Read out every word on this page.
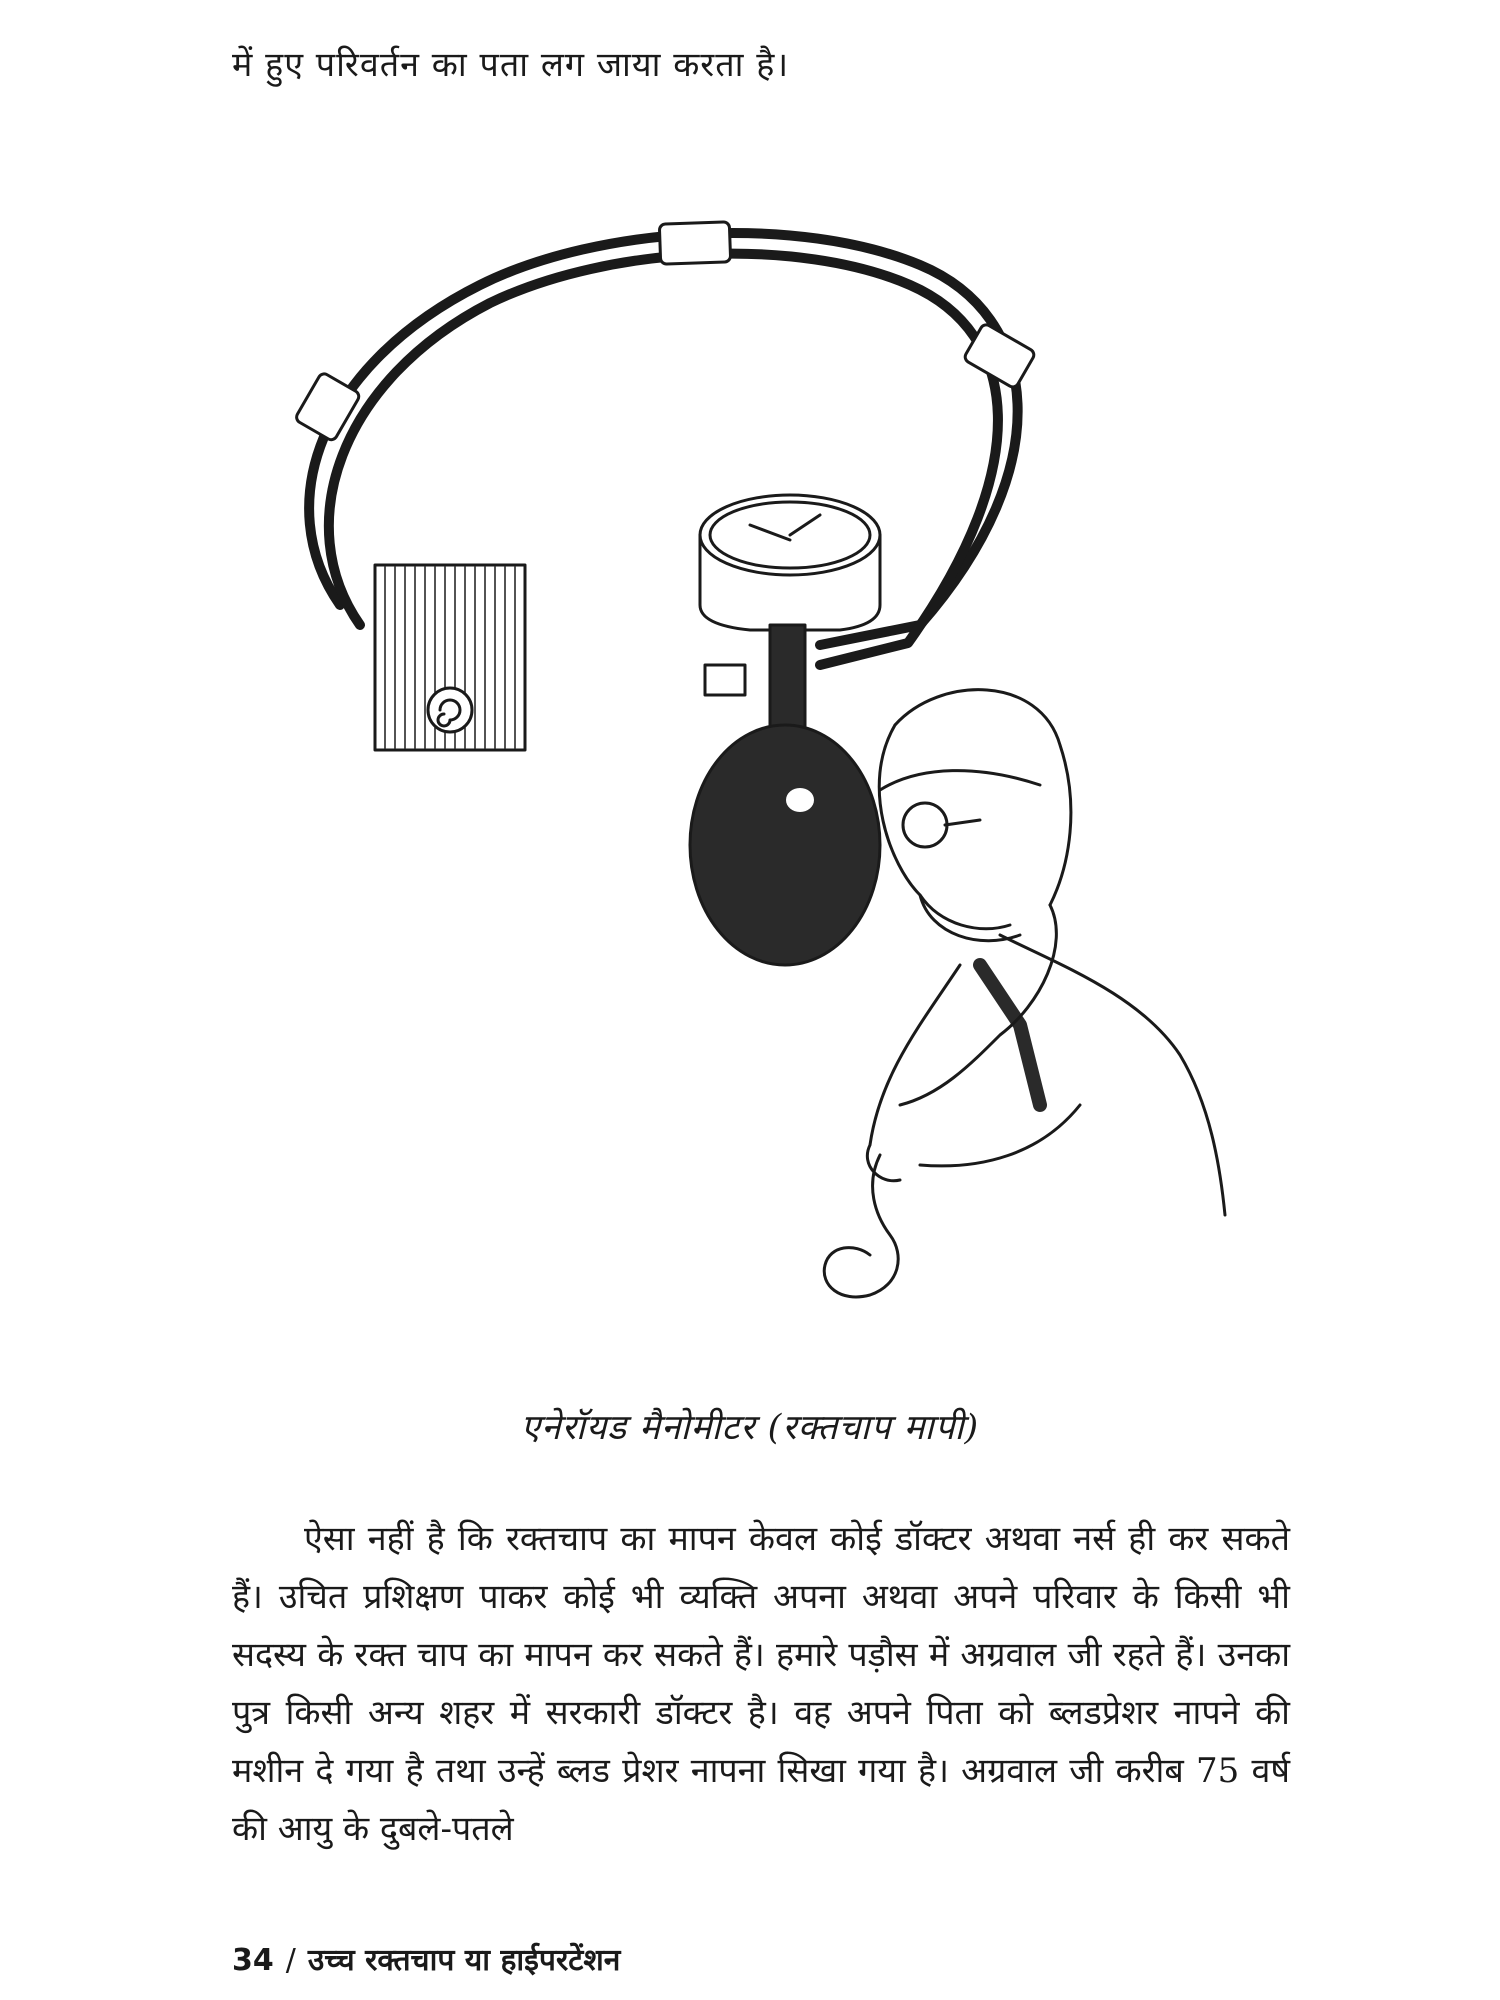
में हुए परिवर्तन का पता लग जाया करता है।
एनेरॉयड मैनोमीटर (रक्तचाप मापी)

ऐसा नहीं है कि रक्तचाप का मापन केवल कोई डॉक्टर अथवा नर्स ही कर सकते हैं। उचित प्रशिक्षण पाकर कोई भी व्यक्ति अपना अथवा अपने परिवार के किसी भी सदस्य के रक्त चाप का मापन कर सकते हैं। हमारे पड़ौस में अग्रवाल जी रहते हैं। उनका पुत्र किसी अन्य शहर में सरकारी डॉक्टर है। वह अपने पिता को ब्लडप्रेशर नापने की मशीन दे गया है तथा उन्हें ब्लड प्रेशर नापना सिखा गया है। अग्रवाल जी करीब 75 वर्ष की आयु के दुबले-पतले

34 / उच्च रक्तचाप या हाईपरटेंशन
